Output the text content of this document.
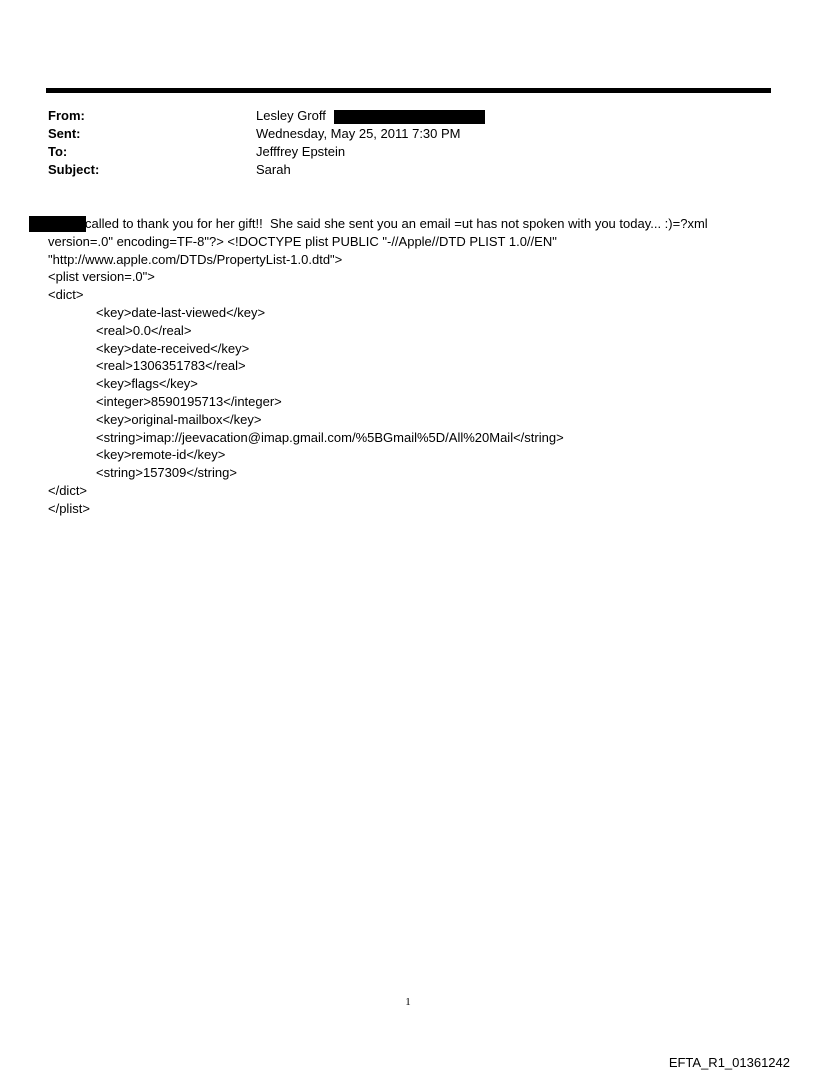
From:	Lesley Groff
Sent:	Wednesday, May 25, 2011 7:30 PM
To:	Jefffrey Epstein
Subject:	Sarah
called to thank you for her gift!!  She said she sent you an email =ut has not spoken with you today... :)=?xml
version=.0" encoding=TF-8"?> <!DOCTYPE plist PUBLIC "-//Apple//DTD PLIST 1.0//EN"
"http://www.apple.com/DTDs/PropertyList-1.0.dtd">
<plist version=.0">
<dict>
<key>date-last-viewed</key>
<real>0.0</real>
<key>date-received</key>
<real>1306351783</real>
<key>flags</key>
<integer>8590195713</integer>
<key>original-mailbox</key>
<string>imap://jeevacation@imap.gmail.com/%5BGmail%5D/All%20Mail</string>
<key>remote-id</key>
<string>157309</string>
</dict>
</plist>
1
EFTA_R1_01361242
